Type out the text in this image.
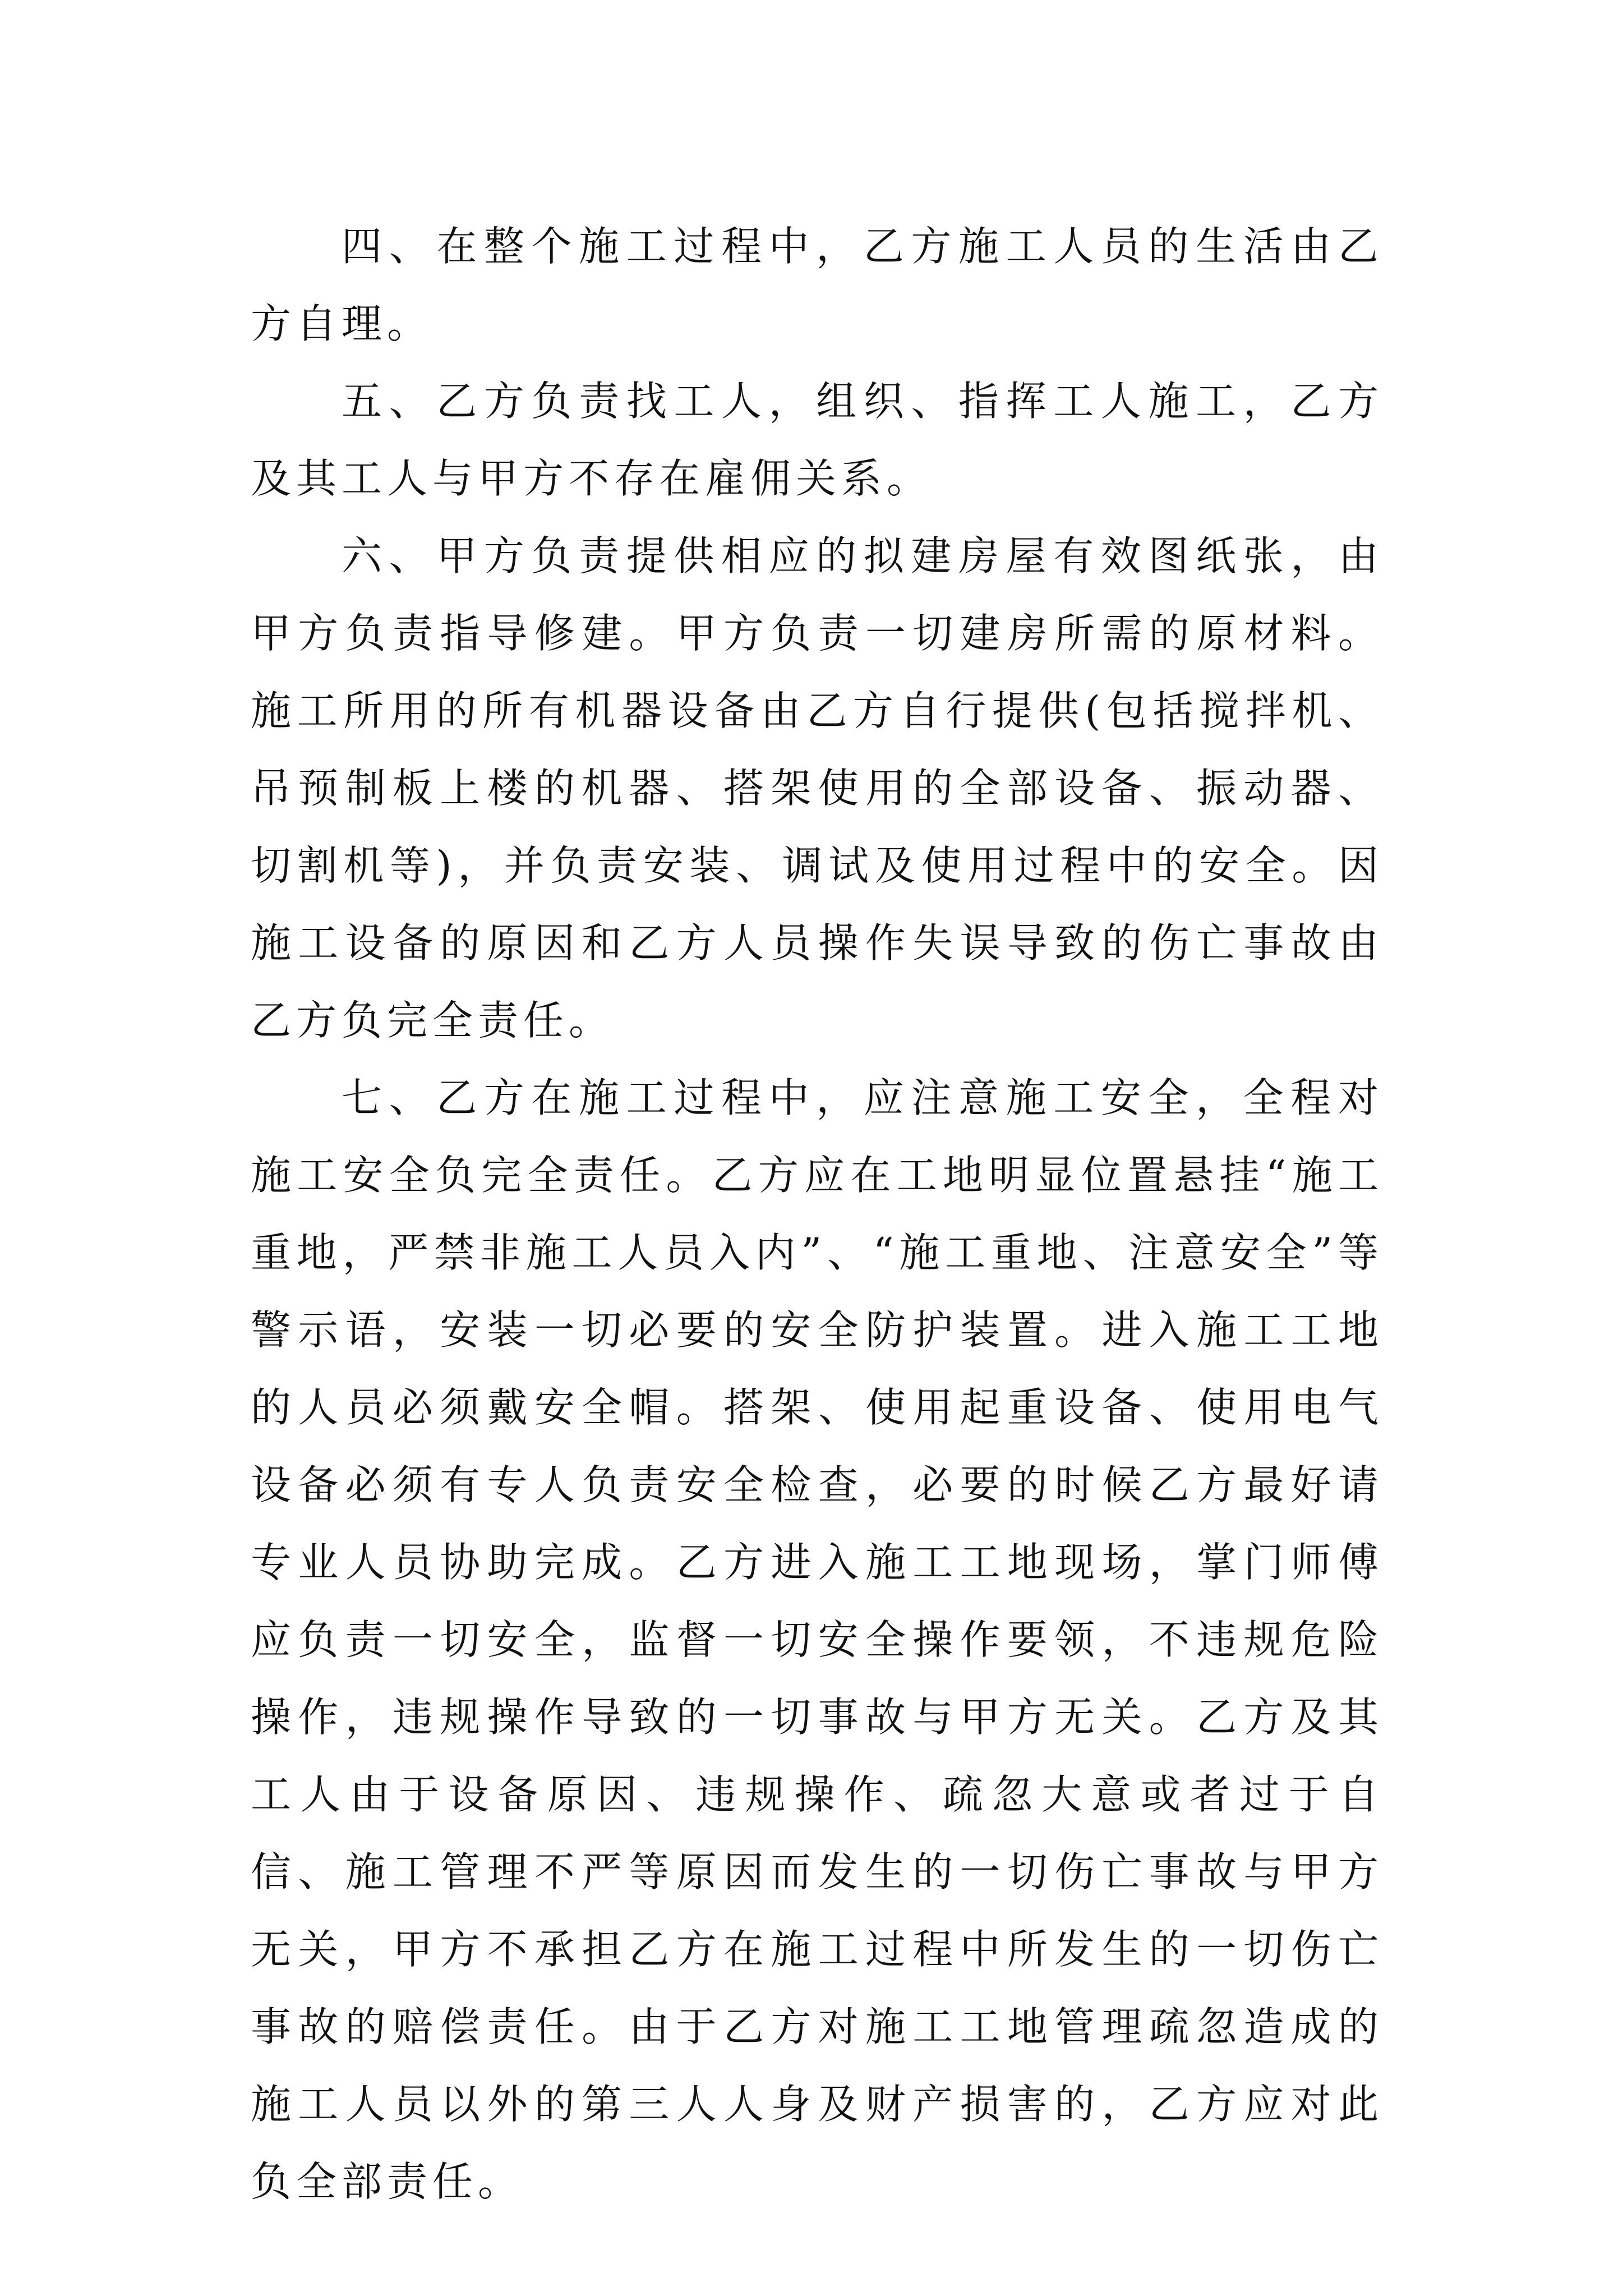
四、在整个施工过程中，乙方施工人员的生活由乙方自理。

五、乙方负责找工人，组织、指挥工人施工，乙方及其工人与甲方不存在雇佣关系。

六、甲方负责提供相应的拟建房屋有效图纸张，由甲方负责指导修建。甲方负责一切建房所需的原材料。施工所用的所有机器设备由乙方自行提供(包括搅拌机、吊预制板上楼的机器、搭架使用的全部设备、振动器、切割机等)，并负责安装、调试及使用过程中的安全。因施工设备的原因和乙方人员操作失误导致的伤亡事故由乙方负完全责任。

七、乙方在施工过程中，应注意施工安全，全程对施工安全负完全责任。乙方应在工地明显位置悬挂“施工重地，严禁非施工人员入内”、“施工重地、注意安全”等警示语，安装一切必要的安全防护装置。进入施工工地的人员必须戴安全帽。搭架、使用起重设备、使用电气设备必须有专人负责安全检查，必要的时候乙方最好请专业人员协助完成。乙方进入施工工地现场，掌门师傅应负责一切安全，监督一切安全操作要领，不违规危险操作，违规操作导致的一切事故与甲方无关。乙方及其工人由于设备原因、违规操作、疏忽大意或者过于自信、施工管理不严等原因而发生的一切伤亡事故与甲方无关，甲方不承担乙方在施工过程中所发生的一切伤亡事故的赔偿责任。由于乙方对施工工地管理疏忽造成的施工人员以外的第三人人身及财产损害的，乙方应对此负全部责任。
